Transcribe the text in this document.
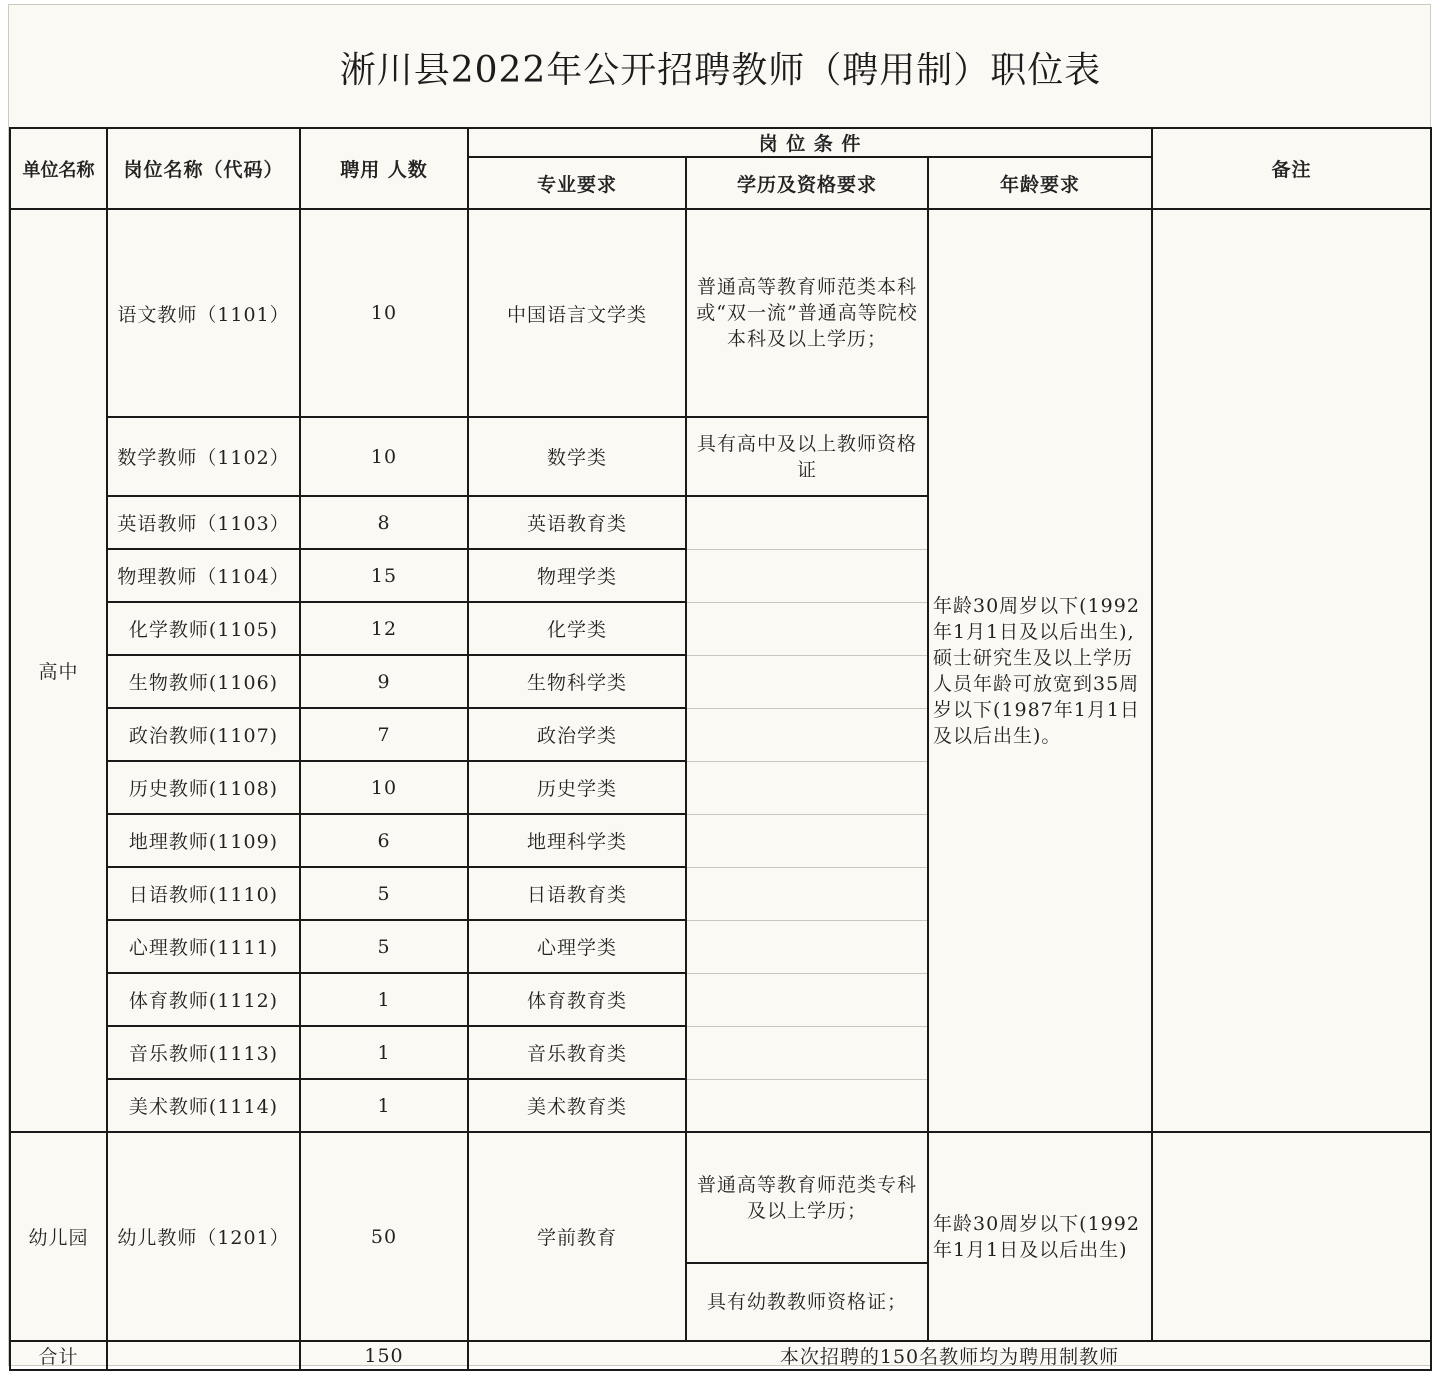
淅川县2022年公开招聘教师（聘用制）职位表
单位名称	岗位名称（代码）	聘用 人数	岗 位 条 件			备注
			专业要求	学历及资格要求	年龄要求	
高中	语文教师（1101）	10	中国语言文学类	普通高等教育师范类本科或“双一流”普通高等院校本科及以上学历；	年龄30周岁以下(1992年1月1日及以后出生),硕士研究生及以上学历人员年龄可放宽到35周岁以下(1987年1月1日及以后出生)。	
	数学教师（1102）	10	数学类	具有高中及以上教师资格证		
	英语教师（1103）	8	英语教育类			
	物理教师（1104）	15	物理学类			
	化学教师(1105)	12	化学类			
	生物教师(1106)	9	生物科学类			
	政治教师(1107)	7	政治学类			
	历史教师(1108)	10	历史学类			
	地理教师(1109)	6	地理科学类			
	日语教师(1110)	5	日语教育类			
	心理教师(1111)	5	心理学类			
	体育教师(1112)	1	体育教育类			
	音乐教师(1113)	1	音乐教育类			
	美术教师(1114)	1	美术教育类			
幼儿园	幼儿教师（1201）	50	学前教育	普通高等教育师范类专科及以上学历；	年龄30周岁以下(1992年1月1日及以后出生)	
				具有幼教教师资格证；		
合计		150	本次招聘的150名教师均为聘用制教师			
